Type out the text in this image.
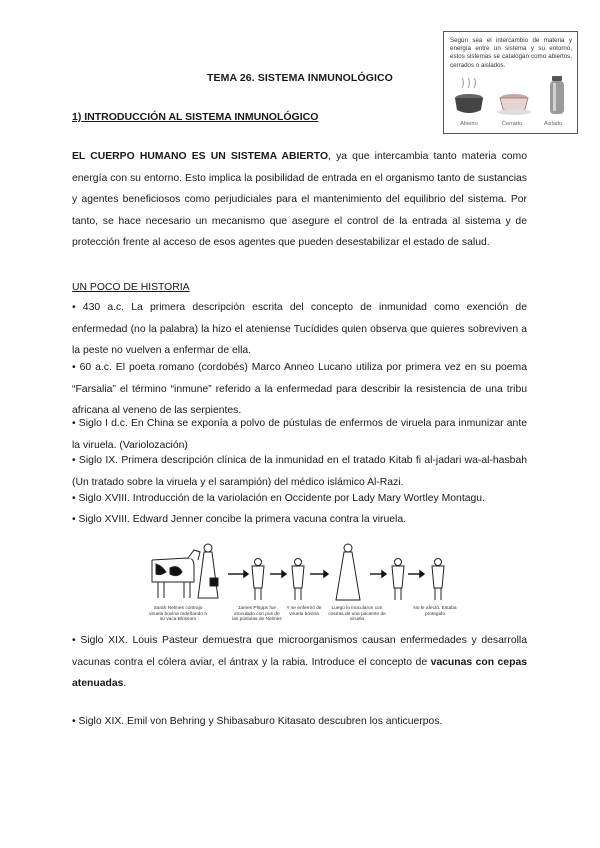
TEMA 26. SISTEMA INMUNOLÓGICO
Según sea el intercambio de materia y energía entre un sistema y su entorno, estos sistemas se catalogan como abiertos, cerrados o aislados.
Abierto	Cerrado	Aislado
1) INTRODUCCIÓN AL SISTEMA INMUNOLÓGICO

EL CUERPO HUMANO ES UN SISTEMA ABIERTO, ya que intercambia tanto materia como energía con su entorno. Esto implica la posibilidad de entrada en el organismo tanto de sustancias y agentes beneficiosos como perjudiciales para el mantenimiento del equilibrio del sistema. Por tanto, se hace necesario un mecanismo que asegure el control de la entrada al sistema y de protección frente al acceso de esos agentes que pueden desestabilizar el estado de salud.

UN POCO DE HISTORIA

• 430 a.c. La primera descripción escrita del concepto de inmunidad como exención de enfermedad (no la palabra) la hizo el ateniense Tucídides quien observa que quieres sobreviven a la peste no vuelven a enfermar de ella.

• 60 a.c. El poeta romano (cordobés) Marco Anneo Lucano utiliza por primera vez en su poema “Farsalia” el término “inmune” referido a la enfermedad para describir la resistencia de una tribu africana al veneno de las serpientes.

• Siglo I d.c. En China se exponía a polvo de pústulas de enfermos de viruela para inmunizar ante la viruela. (Variolozación)

• Siglo IX. Primera descripción clínica de la inmunidad en el tratado Kitab fi al-jadari wa-al-hasbah (Un tratado sobre la viruela y el sarampión) del médico islámico Al-Razi.

• Siglo XVIII. Introducción de la variolación en Occidente por Lady Mary Wortley Montagu.

• Siglo XVIII. Edward Jenner concibe la primera vacuna contra la viruela.

Sarah Nelmes contrajo viruela bovina ordeñando a su vaca Blossom
James Phipps fue inoculado con pus de las pústulas de Nelmes
Y se enfermó de viruela bovina
Luego lo inocularon con costras de una paciente de viruela
No le afectó. Estaba protegido

• Siglo XIX. Louis Pasteur demuestra que microorganismos causan enfermedades y desarrolla vacunas contra el cólera aviar, el ántrax y la rabia. Introduce el concepto de vacunas con cepas atenuadas.

• Siglo XIX. Emil von Behring y Shibasaburo Kitasato descubren los anticuerpos.
